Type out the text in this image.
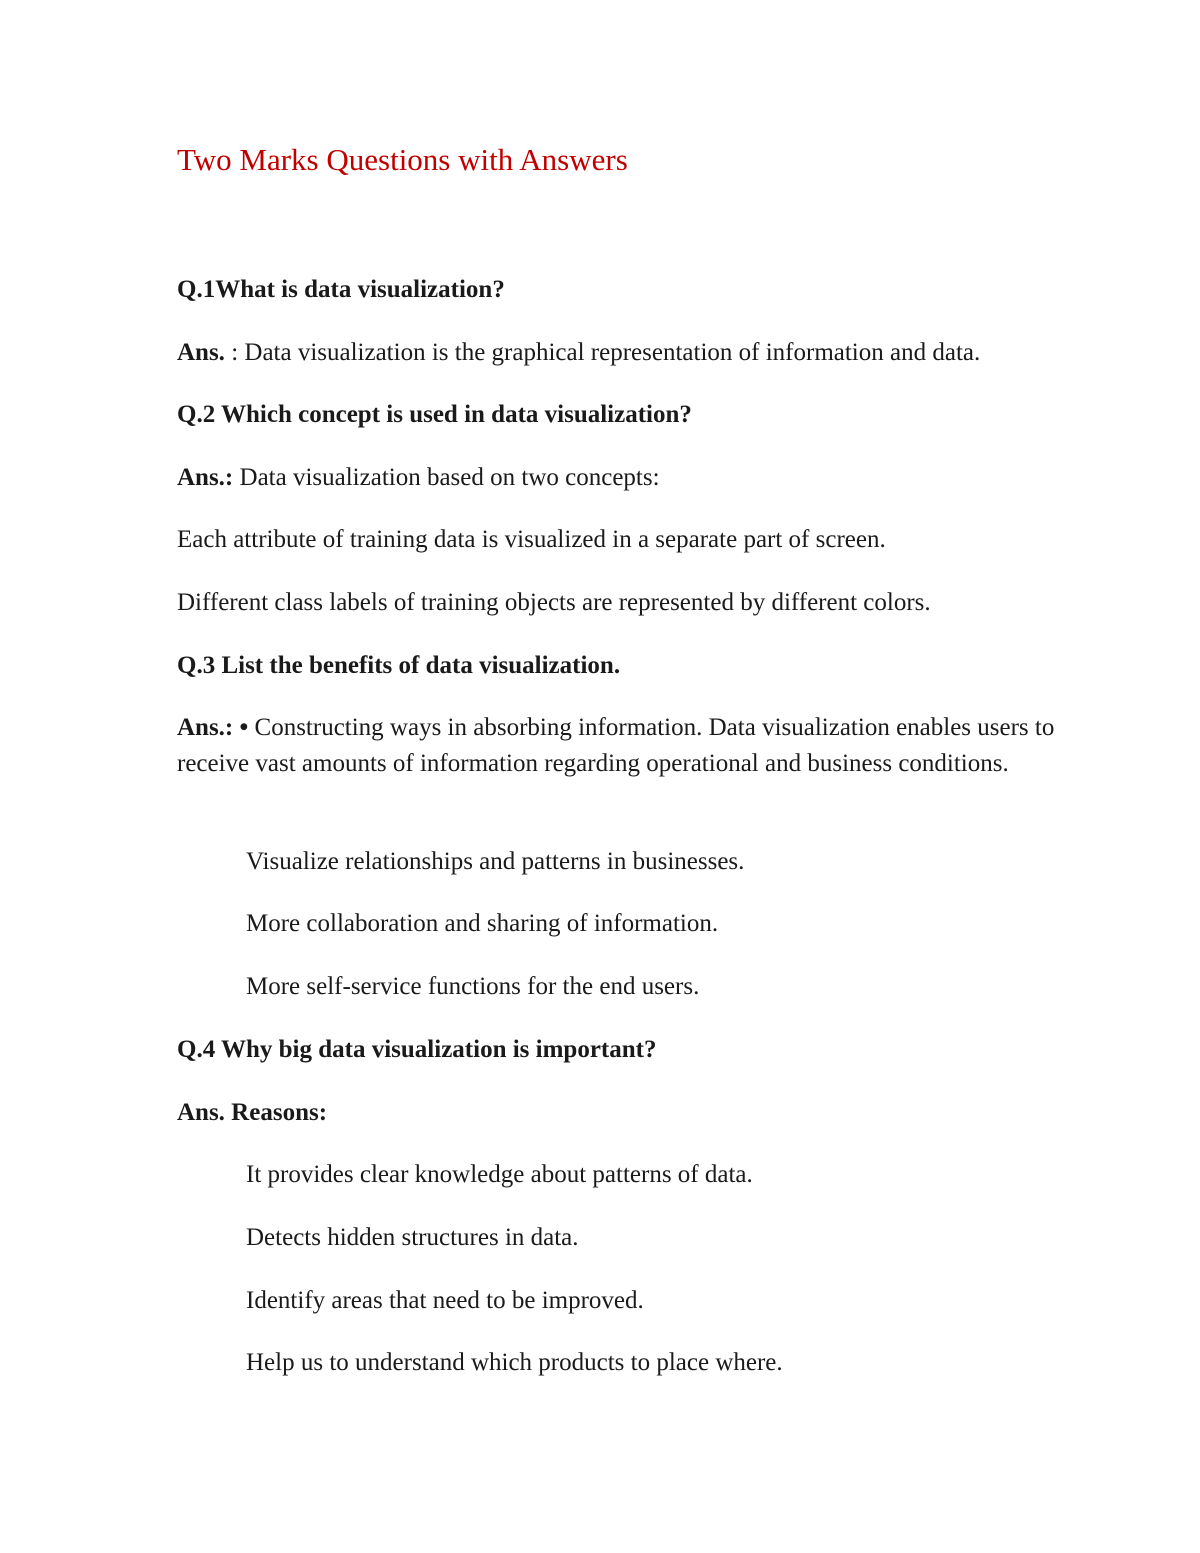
Two Marks Questions with Answers
Q.1What is data visualization?
Ans. : Data visualization is the graphical representation of information and data.
Q.2 Which concept is used in data visualization?
Ans.: Data visualization based on two concepts:
Each attribute of training data is visualized in a separate part of screen.
Different class labels of training objects are represented by different colors.
Q.3 List the benefits of data visualization.
Ans.: • Constructing ways in absorbing information. Data visualization enables users to receive vast amounts of information regarding operational and business conditions.
Visualize relationships and patterns in businesses.
More collaboration and sharing of information.
More self-service functions for the end users.
Q.4 Why big data visualization is important?
Ans. Reasons:
It provides clear knowledge about patterns of data.
Detects hidden structures in data.
Identify areas that need to be improved.
Help us to understand which products to place where.
